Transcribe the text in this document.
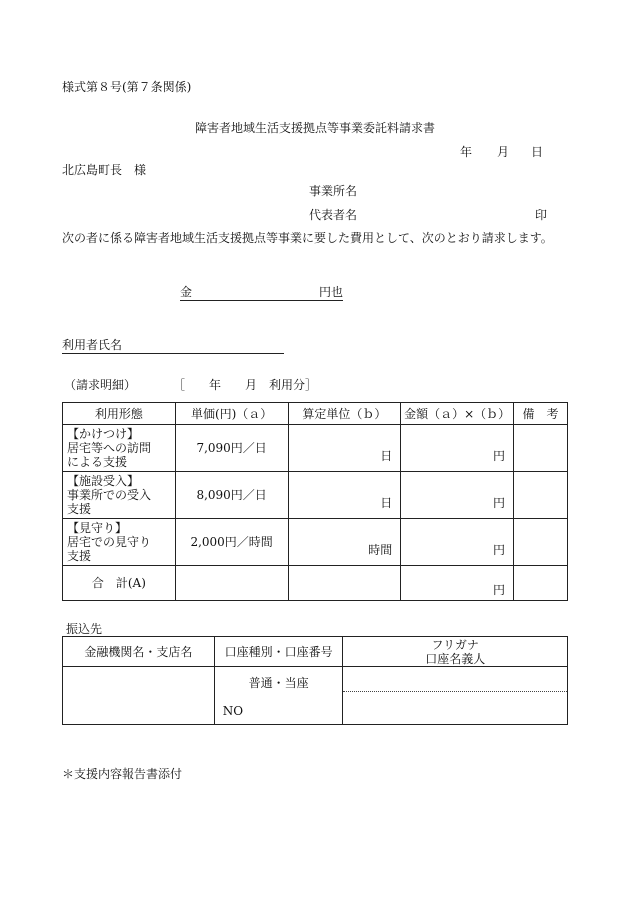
様式第８号(第７条関係)
障害者地域生活支援拠点等事業委託料請求書
年 月 日
北広島町長　様
事業所名
代表者名	印
次の者に係る障害者地域生活支援拠点等事業に要した費用として、次のとおり請求します。
金	円也
利用者氏名
（請求明細）	［　　年　　月　利用分］
利用形態	単価(円)（ａ）	算定単位（ｂ）	金額（ａ）×（ｂ）	備　考

【かけつけ】
居宅等への訪問
による支援	7,090円／日	日	円	

【施設受入】
事業所での受入
支援	8,090円／日	日	円	

【見守り】
居宅での見守り
支援	2,000円／時間	時間	円	

合　計(A)			円	

振込先
金融機関名・支店名	口座種別・口座番号	フリガナ
口座名義人

	普通・当座
NO	

＊支援内容報告書添付
